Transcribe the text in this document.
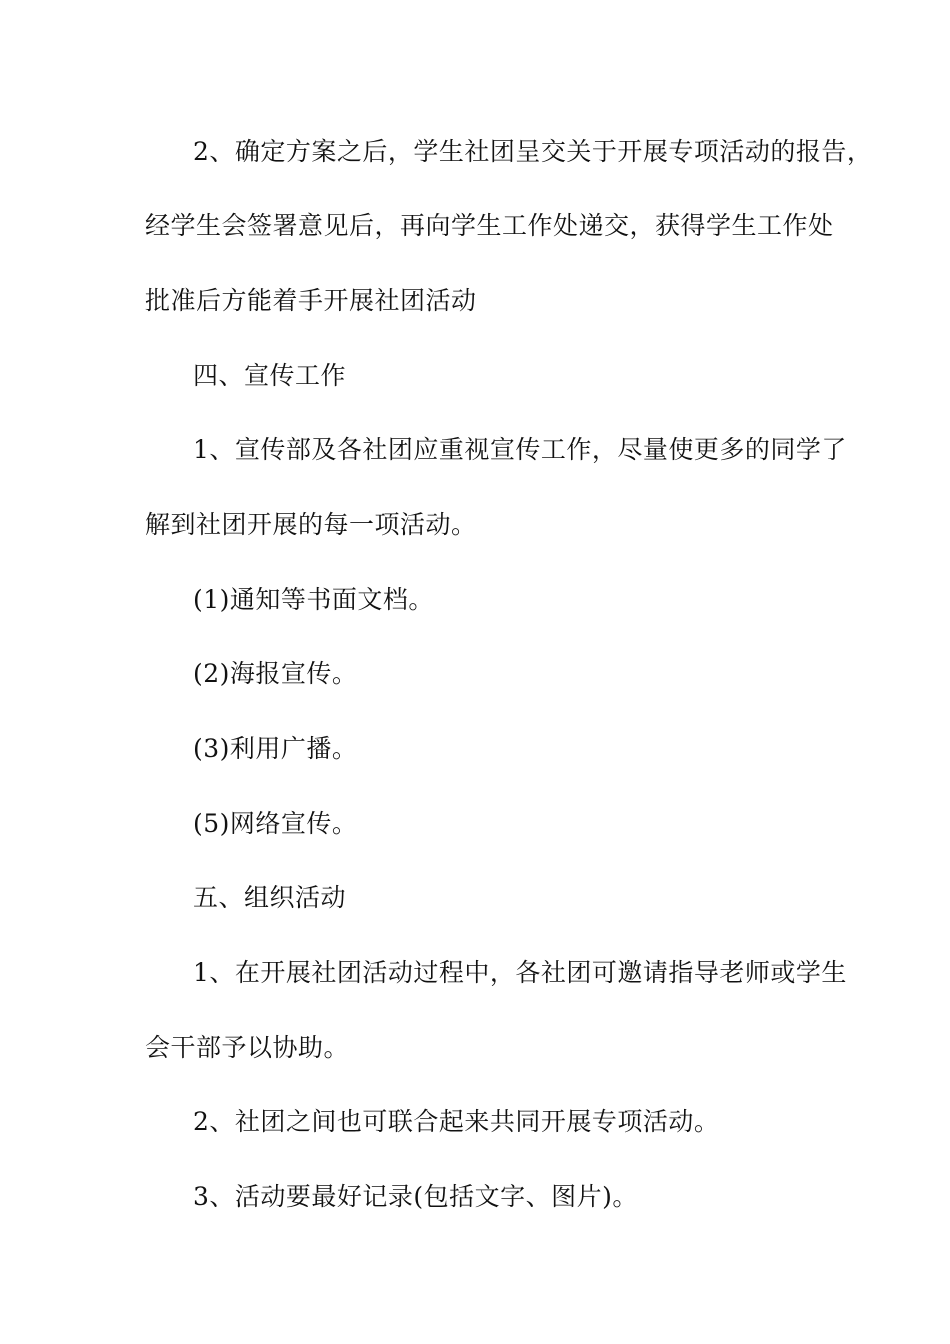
2、确定方案之后，学生社团呈交关于开展专项活动的报告，
经学生会签署意见后，再向学生工作处递交，获得学生工作处
批准后方能着手开展社团活动
四、宣传工作
1、宣传部及各社团应重视宣传工作，尽量使更多的同学了
解到社团开展的每一项活动。
(1)通知等书面文档。
(2)海报宣传。
(3)利用广播。
(5)网络宣传。
五、组织活动
1、在开展社团活动过程中，各社团可邀请指导老师或学生
会干部予以协助。
2、社团之间也可联合起来共同开展专项活动。
3、活动要最好记录(包括文字、图片)。
